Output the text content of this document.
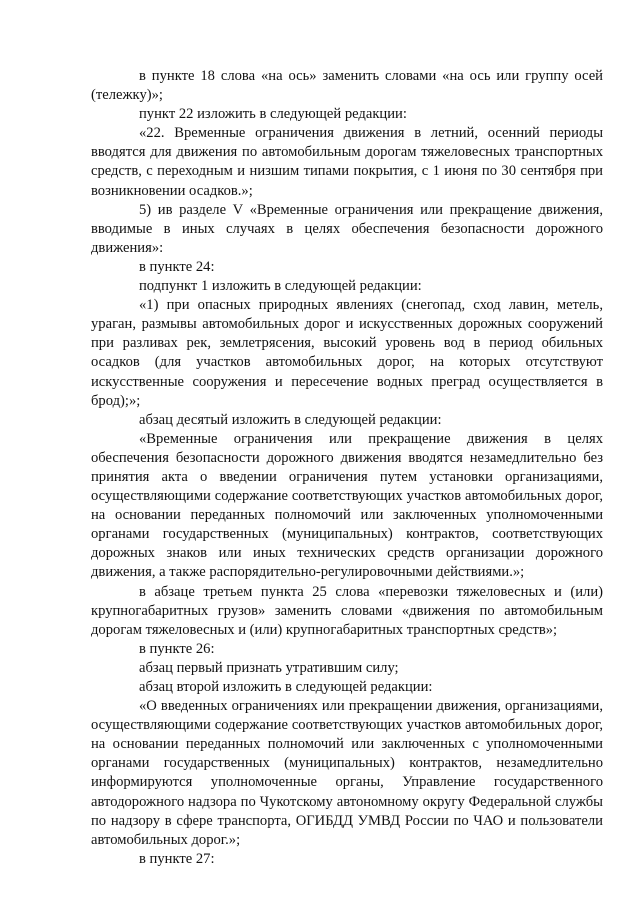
в пункте 18 слова «на ось» заменить словами «на ось или группу осей (тележку)»;

пункт 22 изложить в следующей редакции:

«22. Временные ограничения движения в летний, осенний периоды вводятся для движения по автомобильным дорогам тяжеловесных транспортных средств, с переходным и низшим типами покрытия, с 1 июня по 30 сентября при возникновении осадков.»;

5) ив разделе V «Временные ограничения или прекращение движения, вводимые в иных случаях в целях обеспечения безопасности дорожного движения»:

в пункте 24:

подпункт 1 изложить в следующей редакции:

«1) при опасных природных явлениях (снегопад, сход лавин, метель, ураган, размывы автомобильных дорог и искусственных дорожных сооружений при разливах рек, землетрясения, высокий уровень вод в период обильных осадков (для участков автомобильных дорог, на которых отсутствуют искусственные сооружения и пересечение водных преград осуществляется в брод);»;

абзац десятый изложить в следующей редакции:

«Временные ограничения или прекращение движения в целях обеспечения безопасности дорожного движения вводятся незамедлительно без принятия акта о введении ограничения путем установки организациями, осуществляющими содержание соответствующих участков автомобильных дорог, на основании переданных полномочий или заключенных уполномоченными органами государственных (муниципальных) контрактов, соответствующих дорожных знаков или иных технических средств организации дорожного движения, а также распорядительно-регулировочными действиями.»;

в абзаце третьем пункта 25 слова «перевозки тяжеловесных и (или) крупногабаритных грузов» заменить словами «движения по автомобильным дорогам тяжеловесных и (или) крупногабаритных транспортных средств»;

в пункте 26:

абзац первый признать утратившим силу;

абзац второй изложить в следующей редакции:

«О введенных ограничениях или прекращении движения, организациями, осуществляющими содержание соответствующих участков автомобильных дорог, на основании переданных полномочий или заключенных с уполномоченными органами государственных (муниципальных) контрактов, незамедлительно информируются уполномоченные органы, Управление государственного автодорожного надзора по Чукотскому автономному округу Федеральной службы по надзору в сфере транспорта, ОГИБДД УМВД России по ЧАО и пользователи автомобильных дорог.»;

в пункте 27:
